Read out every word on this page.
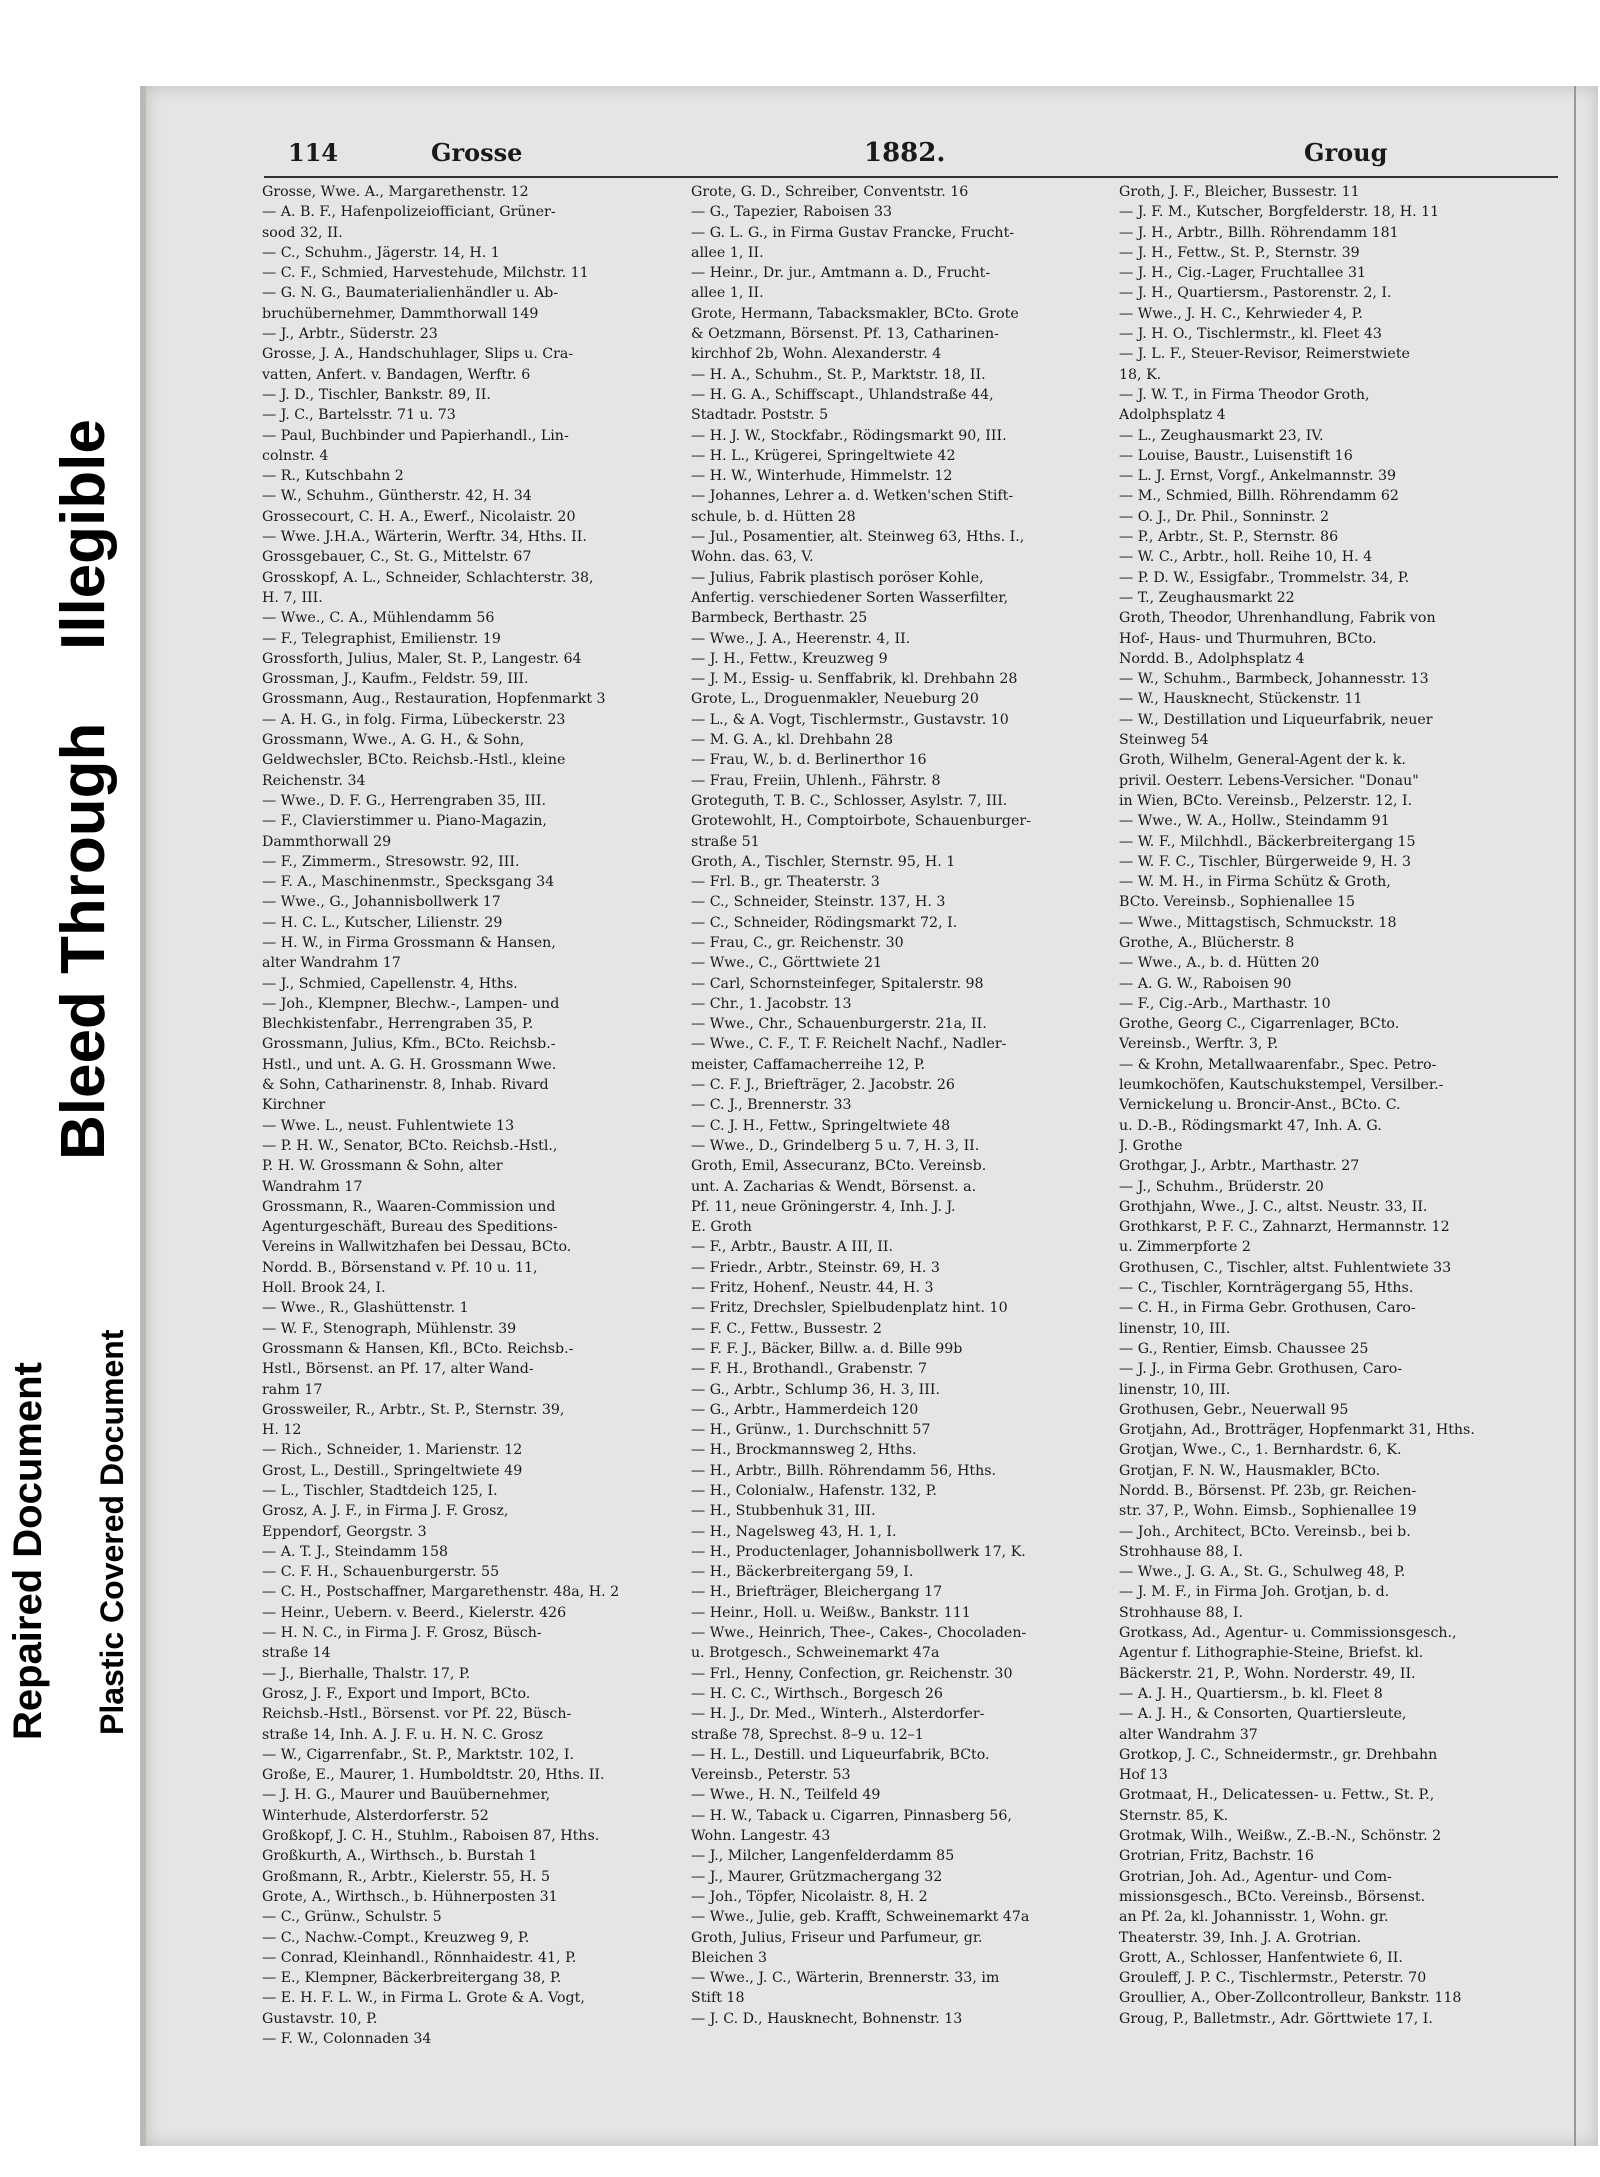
Repaired Document Plastic Covered Document
Bleed Through
Illegible
114	Grosse	1882.	Groug
Grosse, Wwe. A., Margarethenstr. 12
— A. B. F., Hafenpolizeiofficiant, Grüner-
sood 32, II.
— C., Schuhm., Jägerstr. 14, H. 1
— C. F., Schmied, Harvestehude, Milchstr. 11
— G. N. G., Baumaterialienhändler u. Ab-
bruchübernehmer, Dammthorwall 149
— J., Arbtr., Süderstr. 23
Grosse, J. A., Handschuhlager, Slips u. Cra-
vatten, Anfert. v. Bandagen, Werftr. 6
— J. D., Tischler, Bankstr. 89, II.
— J. C., Bartelsstr. 71 u. 73
— Paul, Buchbinder und Papierhandl., Lin-
colnstr. 4
— R., Kutschbahn 2
— W., Schuhm., Güntherstr. 42, H. 34
Grossecourt, C. H. A., Ewerf., Nicolaistr. 20
— Wwe. J.H.A., Wärterin, Werftr. 34, Hths. II.
Grossgebauer, C., St. G., Mittelstr. 67
Grosskopf, A. L., Schneider, Schlachterstr. 38,
H. 7, III.
— Wwe., C. A., Mühlendamm 56
— F., Telegraphist, Emilienstr. 19
Grossforth, Julius, Maler, St. P., Langestr. 64
Grossman, J., Kaufm., Feldstr. 59, III.
Grossmann, Aug., Restauration, Hopfenmarkt 3
— A. H. G., in folg. Firma, Lübeckerstr. 23
Grossmann, Wwe., A. G. H., & Sohn,
Geldwechsler, BCto. Reichsb.-Hstl., kleine
Reichenstr. 34
— Wwe., D. F. G., Herrengraben 35, III.
— F., Clavierstimmer u. Piano-Magazin,
Dammthorwall 29
— F., Zimmerm., Stresowstr. 92, III.
— F. A., Maschinenmstr., Specksgang 34
— Wwe., G., Johannisbollwerk 17
— H. C. L., Kutscher, Lilienstr. 29
— H. W., in Firma Grossmann & Hansen,
alter Wandrahm 17
— J., Schmied, Capellenstr. 4, Hths.
— Joh., Klempner, Blechw.-, Lampen- und
Blechkistenfabr., Herrengraben 35, P.
Grossmann, Julius, Kfm., BCto. Reichsb.-
Hstl., und unt. A. G. H. Grossmann Wwe.
& Sohn, Catharinenstr. 8, Inhab. Rivard
Kirchner
— Wwe. L., neust. Fuhlentwiete 13
— P. H. W., Senator, BCto. Reichsb.-Hstl.,
P. H. W. Grossmann & Sohn, alter
Wandrahm 17
Grossmann, R., Waaren-Commission und
Agenturgeschäft, Bureau des Speditions-
Vereins in Wallwitzhafen bei Dessau, BCto.
Nordd. B., Börsenstand v. Pf. 10 u. 11,
Holl. Brook 24, I.
— Wwe., R., Glashüttenstr. 1
— W. F., Stenograph, Mühlenstr. 39
Grossmann & Hansen, Kfl., BCto. Reichsb.-
Hstl., Börsenst. an Pf. 17, alter Wand-
rahm 17
Grossweiler, R., Arbtr., St. P., Sternstr. 39,
H. 12
— Rich., Schneider, 1. Marienstr. 12
Grost, L., Destill., Springeltwiete 49
— L., Tischler, Stadtdeich 125, I.
Grosz, A. J. F., in Firma J. F. Grosz,
Eppendorf, Georgstr. 3
— A. T. J., Steindamm 158
— C. F. H., Schauenburgerstr. 55
— C. H., Postschaffner, Margarethenstr. 48a, H. 2
— Heinr., Uebern. v. Beerd., Kielerstr. 426
— H. N. C., in Firma J. F. Grosz, Büsch-
straße 14
— J., Bierhalle, Thalstr. 17, P.
Grosz, J. F., Export und Import, BCto.
Reichsb.-Hstl., Börsenst. vor Pf. 22, Büsch-
straße 14, Inh. A. J. F. u. H. N. C. Grosz
— W., Cigarrenfabr., St. P., Marktstr. 102, I.
Große, E., Maurer, 1. Humboldtstr. 20, Hths. II.
— J. H. G., Maurer und Bauübernehmer,
Winterhude, Alsterdorferstr. 52
Großkopf, J. C. H., Stuhlm., Raboisen 87, Hths.
Großkurth, A., Wirthsch., b. Burstah 1
Großmann, R., Arbtr., Kielerstr. 55, H. 5
Grote, A., Wirthsch., b. Hühnerposten 31
— C., Grünw., Schulstr. 5
— C., Nachw.-Compt., Kreuzweg 9, P.
— Conrad, Kleinhandl., Rönnhaidestr. 41, P.
— E., Klempner, Bäckerbreitergang 38, P.
— E. H. F. L. W., in Firma L. Grote & A. Vogt,
Gustavstr. 10, P.
— F. W., Colonnaden 34
Grote, G. D., Schreiber, Conventstr. 16
— G., Tapezier, Raboisen 33
— G. L. G., in Firma Gustav Francke, Frucht-
allee 1, II.
— Heinr., Dr. jur., Amtmann a. D., Frucht-
allee 1, II.
Grote, Hermann, Tabacksmakler, BCto. Grote
& Oetzmann, Börsenst. Pf. 13, Catharinen-
kirchhof 2b, Wohn. Alexanderstr. 4
— H. A., Schuhm., St. P., Marktstr. 18, II.
— H. G. A., Schiffscapt., Uhlandstraße 44,
Stadtadr. Poststr. 5
— H. J. W., Stockfabr., Rödingsmarkt 90, III.
— H. L., Krügerei, Springeltwiete 42
— H. W., Winterhude, Himmelstr. 12
— Johannes, Lehrer a. d. Wetken'schen Stift-
schule, b. d. Hütten 28
— Jul., Posamentier, alt. Steinweg 63, Hths. I.,
Wohn. das. 63, V.
— Julius, Fabrik plastisch poröser Kohle,
Anfertig. verschiedener Sorten Wasserfilter,
Barmbeck, Berthastr. 25
— Wwe., J. A., Heerenstr. 4, II.
— J. H., Fettw., Kreuzweg 9
— J. M., Essig- u. Senffabrik, kl. Drehbahn 28
Grote, L., Droguenmakler, Neueburg 20
— L., & A. Vogt, Tischlermstr., Gustavstr. 10
— M. G. A., kl. Drehbahn 28
— Frau, W., b. d. Berlinerthor 16
— Frau, Freiin, Uhlenh., Fährstr. 8
Groteguth, T. B. C., Schlosser, Asylstr. 7, III.
Grotewohlt, H., Comptoirbote, Schauenburger-
straße 51
Groth, A., Tischler, Sternstr. 95, H. 1
— Frl. B., gr. Theaterstr. 3
— C., Schneider, Steinstr. 137, H. 3
— C., Schneider, Rödingsmarkt 72, I.
— Frau, C., gr. Reichenstr. 30
— Wwe., C., Görttwiete 21
— Carl, Schornsteinfeger, Spitalerstr. 98
— Chr., 1. Jacobstr. 13
— Wwe., Chr., Schauenburgerstr. 21a, II.
— Wwe., C. F., T. F. Reichelt Nachf., Nadler-
meister, Caffamacherreihe 12, P.
— C. F. J., Briefträger, 2. Jacobstr. 26
— C. J., Brennerstr. 33
— C. J. H., Fettw., Springeltwiete 48
— Wwe., D., Grindelberg 5 u. 7, H. 3, II.
Groth, Emil, Assecuranz, BCto. Vereinsb.
unt. A. Zacharias & Wendt, Börsenst. a.
Pf. 11, neue Gröningerstr. 4, Inh. J. J.
E. Groth
— F., Arbtr., Baustr. A III, II.
— Friedr., Arbtr., Steinstr. 69, H. 3
— Fritz, Hohenf., Neustr. 44, H. 3
— Fritz, Drechsler, Spielbudenplatz hint. 10
— F. C., Fettw., Bussestr. 2
— F. F. J., Bäcker, Billw. a. d. Bille 99b
— F. H., Brothandl., Grabenstr. 7
— G., Arbtr., Schlump 36, H. 3, III.
— G., Arbtr., Hammerdeich 120
— H., Grünw., 1. Durchschnitt 57
— H., Brockmannsweg 2, Hths.
— H., Arbtr., Billh. Röhrendamm 56, Hths.
— H., Colonialw., Hafenstr. 132, P.
— H., Stubbenhuk 31, III.
— H., Nagelsweg 43, H. 1, I.
— H., Productenlager, Johannisbollwerk 17, K.
— H., Bäckerbreitergang 59, I.
— H., Briefträger, Bleichergang 17
— Heinr., Holl. u. Weißw., Bankstr. 111
— Wwe., Heinrich, Thee-, Cakes-, Chocoladen-
u. Brotgesch., Schweinemarkt 47a
— Frl., Henny, Confection, gr. Reichenstr. 30
— H. C. C., Wirthsch., Borgesch 26
— H. J., Dr. Med., Winterh., Alsterdorfer-
straße 78, Sprechst. 8–9 u. 12–1
— H. L., Destill. und Liqueurfabrik, BCto.
Vereinsb., Peterstr. 53
— Wwe., H. N., Teilfeld 49
— H. W., Taback u. Cigarren, Pinnasberg 56,
Wohn. Langestr. 43
— J., Milcher, Langenfelderdamm 85
— J., Maurer, Grützmachergang 32
— Joh., Töpfer, Nicolaistr. 8, H. 2
— Wwe., Julie, geb. Krafft, Schweinemarkt 47a
Groth, Julius, Friseur und Parfumeur, gr.
Bleichen 3
— Wwe., J. C., Wärterin, Brennerstr. 33, im
Stift 18
— J. C. D., Hausknecht, Bohnenstr. 13
Groth, J. F., Bleicher, Bussestr. 11
— J. F. M., Kutscher, Borgfelderstr. 18, H. 11
— J. H., Arbtr., Billh. Röhrendamm 181
— J. H., Fettw., St. P., Sternstr. 39
— J. H., Cig.-Lager, Fruchtallee 31
— J. H., Quartiersm., Pastorenstr. 2, I.
— Wwe., J. H. C., Kehrwieder 4, P.
— J. H. O., Tischlermstr., kl. Fleet 43
— J. L. F., Steuer-Revisor, Reimerstwiete
18, K.
— J. W. T., in Firma Theodor Groth,
Adolphsplatz 4
— L., Zeughausmarkt 23, IV.
— Louise, Baustr., Luisenstift 16
— L. J. Ernst, Vorgf., Ankelmannstr. 39
— M., Schmied, Billh. Röhrendamm 62
— O. J., Dr. Phil., Sonninstr. 2
— P., Arbtr., St. P., Sternstr. 86
— W. C., Arbtr., holl. Reihe 10, H. 4
— P. D. W., Essigfabr., Trommelstr. 34, P.
— T., Zeughausmarkt 22
Groth, Theodor, Uhrenhandlung, Fabrik von
Hof-, Haus- und Thurmuhren, BCto.
Nordd. B., Adolphsplatz 4
— W., Schuhm., Barmbeck, Johannesstr. 13
— W., Hausknecht, Stückenstr. 11
— W., Destillation und Liqueurfabrik, neuer
Steinweg 54
Groth, Wilhelm, General-Agent der k. k.
privil. Oesterr. Lebens-Versicher. "Donau"
in Wien, BCto. Vereinsb., Pelzerstr. 12, I.
— Wwe., W. A., Hollw., Steindamm 91
— W. F., Milchhdl., Bäckerbreitergang 15
— W. F. C., Tischler, Bürgerweide 9, H. 3
— W. M. H., in Firma Schütz & Groth,
BCto. Vereinsb., Sophienallee 15
— Wwe., Mittagstisch, Schmuckstr. 18
Grothe, A., Blücherstr. 8
— Wwe., A., b. d. Hütten 20
— A. G. W., Raboisen 90
— F., Cig.-Arb., Marthastr. 10
Grothe, Georg C., Cigarrenlager, BCto.
Vereinsb., Werftr. 3, P.
— & Krohn, Metallwaarenfabr., Spec. Petro-
leumkochöfen, Kautschukstempel, Versilber.-
Vernickelung u. Broncir-Anst., BCto. C.
u. D.-B., Rödingsmarkt 47, Inh. A. G.
J. Grothe
Grothgar, J., Arbtr., Marthastr. 27
— J., Schuhm., Brüderstr. 20
Grothjahn, Wwe., J. C., altst. Neustr. 33, II.
Grothkarst, P. F. C., Zahnarzt, Hermannstr. 12
u. Zimmerpforte 2
Grothusen, C., Tischler, altst. Fuhlentwiete 33
— C., Tischler, Kornträgergang 55, Hths.
— C. H., in Firma Gebr. Grothusen, Caro-
linenstr, 10, III.
— G., Rentier, Eimsb. Chaussee 25
— J. J., in Firma Gebr. Grothusen, Caro-
linenstr, 10, III.
Grothusen, Gebr., Neuerwall 95
Grotjahn, Ad., Brotträger, Hopfenmarkt 31, Hths.
Grotjan, Wwe., C., 1. Bernhardstr. 6, K.
Grotjan, F. N. W., Hausmakler, BCto.
Nordd. B., Börsenst. Pf. 23b, gr. Reichen-
str. 37, P., Wohn. Eimsb., Sophienallee 19
— Joh., Architect, BCto. Vereinsb., bei b.
Strohhause 88, I.
— Wwe., J. G. A., St. G., Schulweg 48, P.
— J. M. F., in Firma Joh. Grotjan, b. d.
Strohhause 88, I.
Grotkass, Ad., Agentur- u. Commissionsgesch.,
Agentur f. Lithographie-Steine, Briefst. kl.
Bäckerstr. 21, P., Wohn. Norderstr. 49, II.
— A. J. H., Quartiersm., b. kl. Fleet 8
— A. J. H., & Consorten, Quartiersleute,
alter Wandrahm 37
Grotkop, J. C., Schneidermstr., gr. Drehbahn
Hof 13
Grotmaat, H., Delicatessen- u. Fettw., St. P.,
Sternstr. 85, K.
Grotmak, Wilh., Weißw., Z.-B.-N., Schönstr. 2
Grotrian, Fritz, Bachstr. 16
Grotrian, Joh. Ad., Agentur- und Com-
missionsgesch., BCto. Vereinsb., Börsenst.
an Pf. 2a, kl. Johannisstr. 1, Wohn. gr.
Theaterstr. 39, Inh. J. A. Grotrian.
Grott, A., Schlosser, Hanfentwiete 6, II.
Grouleff, J. P. C., Tischlermstr., Peterstr. 70
Groullier, A., Ober-Zollcontrolleur, Bankstr. 118
Groug, P., Balletmstr., Adr. Görttwiete 17, I.
